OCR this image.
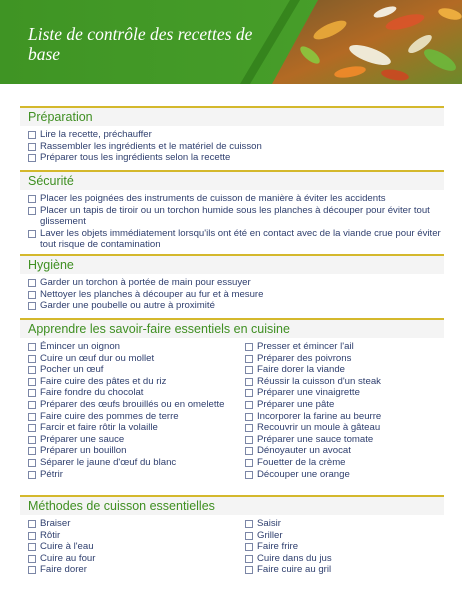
Liste de contrôle des recettes de base
Préparation
Lire la recette, préchauffer
Rassembler les ingrédients et le matériel de cuisson
Préparer tous les ingrédients selon la recette
Sécurité
Placer les poignées des instruments de cuisson de manière à éviter les accidents
Placer un tapis de tiroir ou un torchon humide sous les planches à découper pour éviter tout glissement
Laver les objets immédiatement lorsqu'ils ont été en contact avec de la viande crue pour éviter tout risque de contamination
Hygiène
Garder un torchon à portée de main pour essuyer
Nettoyer les planches à découper au fur et à mesure
Garder une poubelle ou autre à proximité
Apprendre les savoir-faire essentiels en cuisine
Émincer un oignon
Cuire un œuf dur ou mollet
Pocher un œuf
Faire cuire des pâtes et du riz
Faire fondre du chocolat
Préparer des œufs brouillés ou en omelette
Faire cuire des pommes de terre
Farcir et faire rôtir la volaille
Préparer une sauce
Préparer un bouillon
Séparer le jaune d'œuf du blanc
Pétrir
Presser et émincer l'ail
Préparer des poivrons
Faire dorer la viande
Réussir la cuisson d'un steak
Préparer une vinaigrette
Préparer une pâte
Incorporer la farine au beurre
Recouvrir un moule à gâteau
Préparer une sauce tomate
Dénoyauter un avocat
Fouetter de la crème
Découper une orange
Méthodes de cuisson essentielles
Braiser
Rôtir
Cuire à l'eau
Cuire au four
Faire dorer
Saisir
Griller
Faire frire
Cuire dans du jus
Faire cuire au gril
